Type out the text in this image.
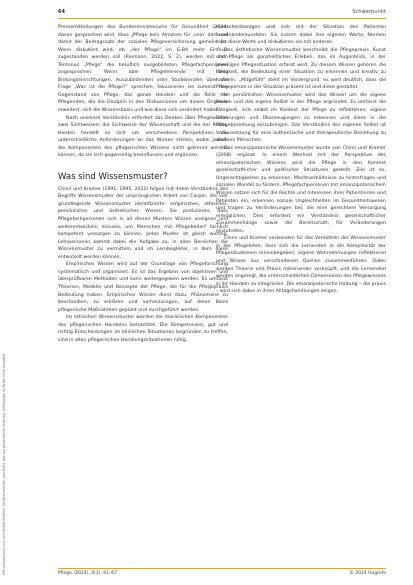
Heruntergeladen von: Universität Bremen. Urheberrechtlich geschützt. Nur zur persönlichen Nutzung. Weitergabe an Dritte nicht gestattet.
64	Schwerpunkt

Pressemitteilungen des Bundesministeriums für Gesundheit (2024) davon gesprochen wird, dass „Pflege kein Almosen für ‚sein‘ darf und damit der Beitragssatz der sozialen Pflegeversicherung gemeint ist. Wenn diskutiert wird, ob „der Pflege“ im G-BA mehr Einfluss zugestanden werden soll (Riemann, 2022, S. 2), werden mit dem Terminus „Pflege“ die beruflich ausgebildeten Pflegefachpersonen angesprochen. Wenn aber Pflegelehrende mit ihren Bildungseinrichtungen, Auszubildenden oder Studierenden über die Frage „Was ist die Pflege?“ sprechen, fokussieren sie zumeist den Gegenstand von Pflege, das ganze Handeln und die Rolle der Pflegenden, die die Disziplin in den Diskussionen um dieses Originale erweitert, sich die Wissensbasis und wie diese sich verändert haben.

Nach unserem Verständnis erfordert das Denken über Pflegewissen zwei Sichtweisen: die Sichtweise der Wissenschaft und die der Praxis. Hierbei handelt es sich um verschiedene Perspektiven, die unterschiedliche Anforderungen an das Wissen stellen, wobei jedoch die Komponenten des pflegerischen Wissens nicht getrennt werden können, da sie sich gegenseitig beeinflussen und ergänzen.

Was sind Wissensmuster?

Chinn und Kramer (1991, 1995, 2022) folgen mit ihrem Verständnis des Begriffs Wissensmuster der ursprünglichen Arbeit von Carper, die vier grundlegende Wissensmuster identifizierte: empirisches, ethisches, persönliches und ästhetisches Wissen. Sie postulieren, dass Pflegefachpersonen sich in all diesen Mustern Wissen aneignen und weiterentwickeln müssen, um Menschen mit Pflegebedarf fachlich kompetent versorgen zu können. Jedes Muster ist gleich wichtig. Lehrpersonen kommt dabei die Aufgabe zu, in allen Bereichen die Wissensmuster zu vermitteln und im Lernbegleiter, in dem diese entwickelt werden können.

Empirisches Wissen wird auf der Grundlage von Pflegeforschung systematisch und organisiert. Es ist das Ergebnis von objektiven und überprüfbaren Methoden und kann weitergegeben werden. Es umfasst Theorien, Modelle und Konzepte der Pflege, die für die Pflegepraxis Bedeutung haben. Empirisches Wissen dient dazu, Phänomene zu beschreiben, zu erklären und vorherzusagen, auf deren Basis pflegerische Maßnahmen geplant und durchgeführt werden.

Im ethischen Wissensmuster werden die moralischen Komponenten des pflegerischen Handelns betrachtet. Die Kompetenzen, gut und richtig Entscheidungen im klinischen Situationen begründen zu treffen, sind in allen pflegerischen Handlungssituationen nötig.

menschenbezogen und sich mit der Situation des Patienten auseinanderzusetzen. Sie nutzen dabei ihre eigenen Werte, Normen oder diese Werte und diskutieren sie mit anderen.

Das ästhetische Wissensmuster beschreibt die Pflegepraxis. Kunst und Pflege als ganzheitliches Erleben, das im Augenblick, in der jeweiligen Pflegesituation erfasst wird. Zu diesem Wissen gehören die Fähigkeit, die Bedeutung einer Situation zu erkennen und kreativ zu handeln. „Mitgefühl“ steht im Vordergrund; es wird deutlich, dass die Pflegeperson in der Situation präsent ist und diese gestaltet.

Im persönlichen Wissensmuster wird das Wissen um die eigene Person und das eigene Selbst in der Pflege ergründet. Es umfasst die Fähigkeit, sich selbst im Kontext der Pflege zu reflektieren, eigene Erfahrungen und Überzeugungen zu erkennen und diese in die Pflegebeziehung einzubringen. Das Verständnis des eigenen Selbst ist Voraussetzung für eine authentische und therapeutische Beziehung zu anderen Menschen.

Das emanzipatorische Wissensmuster wurde von Chinn und Kramer (2008) ergänzt. In einem Wechsel mit der Perspektive des emanzipatorischen Wissens wird die Pflege in den Kontext gesellschaftlicher und politischer Strukturen gestellt. Ziel ist es, Ungerechtigkeiten zu erkennen, Machtverhältnisse zu hinterfragen und sozialen Wandel zu fördern. Pflegefachpersonen mit emanzipatorischem Wissen setzen sich für die Rechte und Interessen ihrer Patientinnen und Patienten ein, erkennen soziale Ungleichheiten im Gesundheitswesen und tragen zu Veränderungen bei, die eine gerechtere Versorgung ermöglichen. Dies erfordert ein Verständnis gesellschaftlicher Zusammenhänge sowie die Bereitschaft, für Veränderungen einzutreten.

Chinn und Kramer verwenden für das Vermitteln der Wissensmuster in der Pflegelehre, dass sich die Lernenden in die Komplexität der Pflegesituationen hineinbegeben, eigene Wahrnehmungen reflektieren und Wissen aus verschiedenen Quellen zusammenführen. Dabei werden Theorie und Praxis miteinander verknüpft, und die Lernenden werden angeregt, die unterschiedlichen Dimensionen des Pflegewissens in ihr Handeln zu integrieren. Die emanzipatorische Haltung – die praxis – wird sich dabei in ihren Alltagshandlungen zeigen.

Pflege (2024), 2(1), 61–67	© 2024 Hogrefe
